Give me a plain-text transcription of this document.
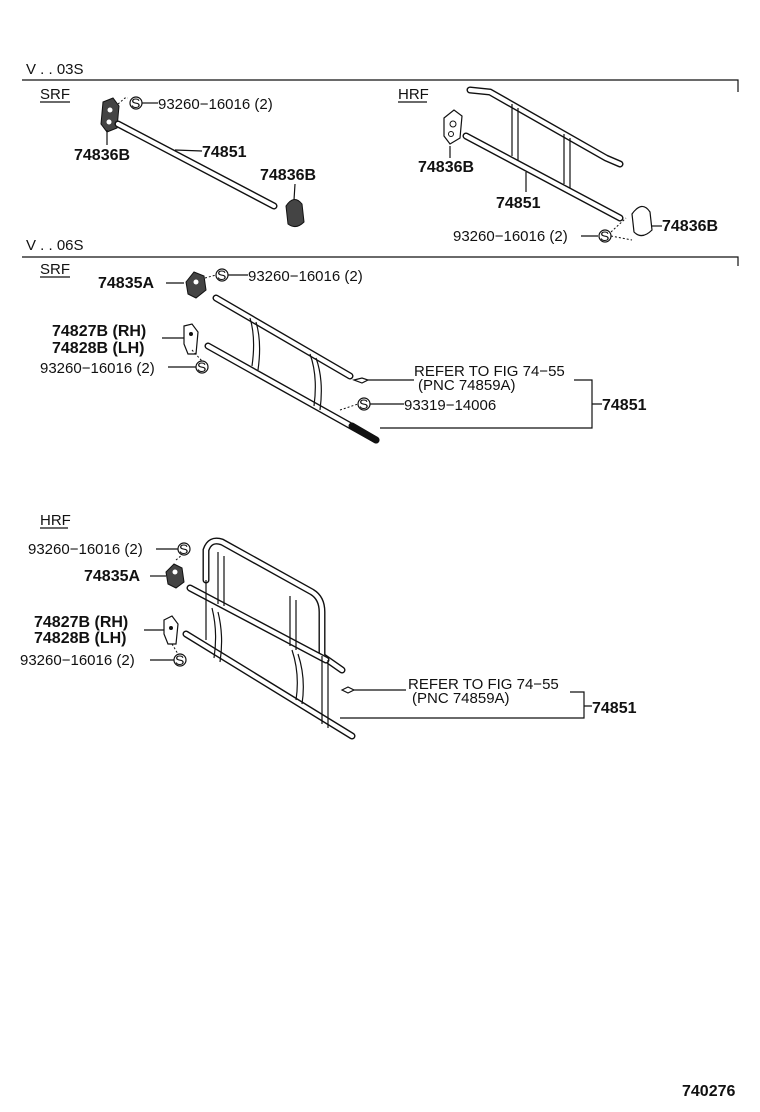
V . . 03S
SRF	HRF
S 93260−16016 (2)
74836B	74851
74836B	74836B
74851
74836B
93260−16016 (2) S
V . . 06S
SRF
74835A	S 93260−16016 (2)
74827B (RH)
74828B (LH)
93260−16016 (2)	S	REFER TO FIG 74−55
(PNC 74859A)
S 93319−14006	74851
HRF
93260−16016 (2)	S
74835A
74827B (RH)
74828B (LH)
93260−16016 (2)	S
REFER TO FIG 74−55
(PNC 74859A)
74851
740276
